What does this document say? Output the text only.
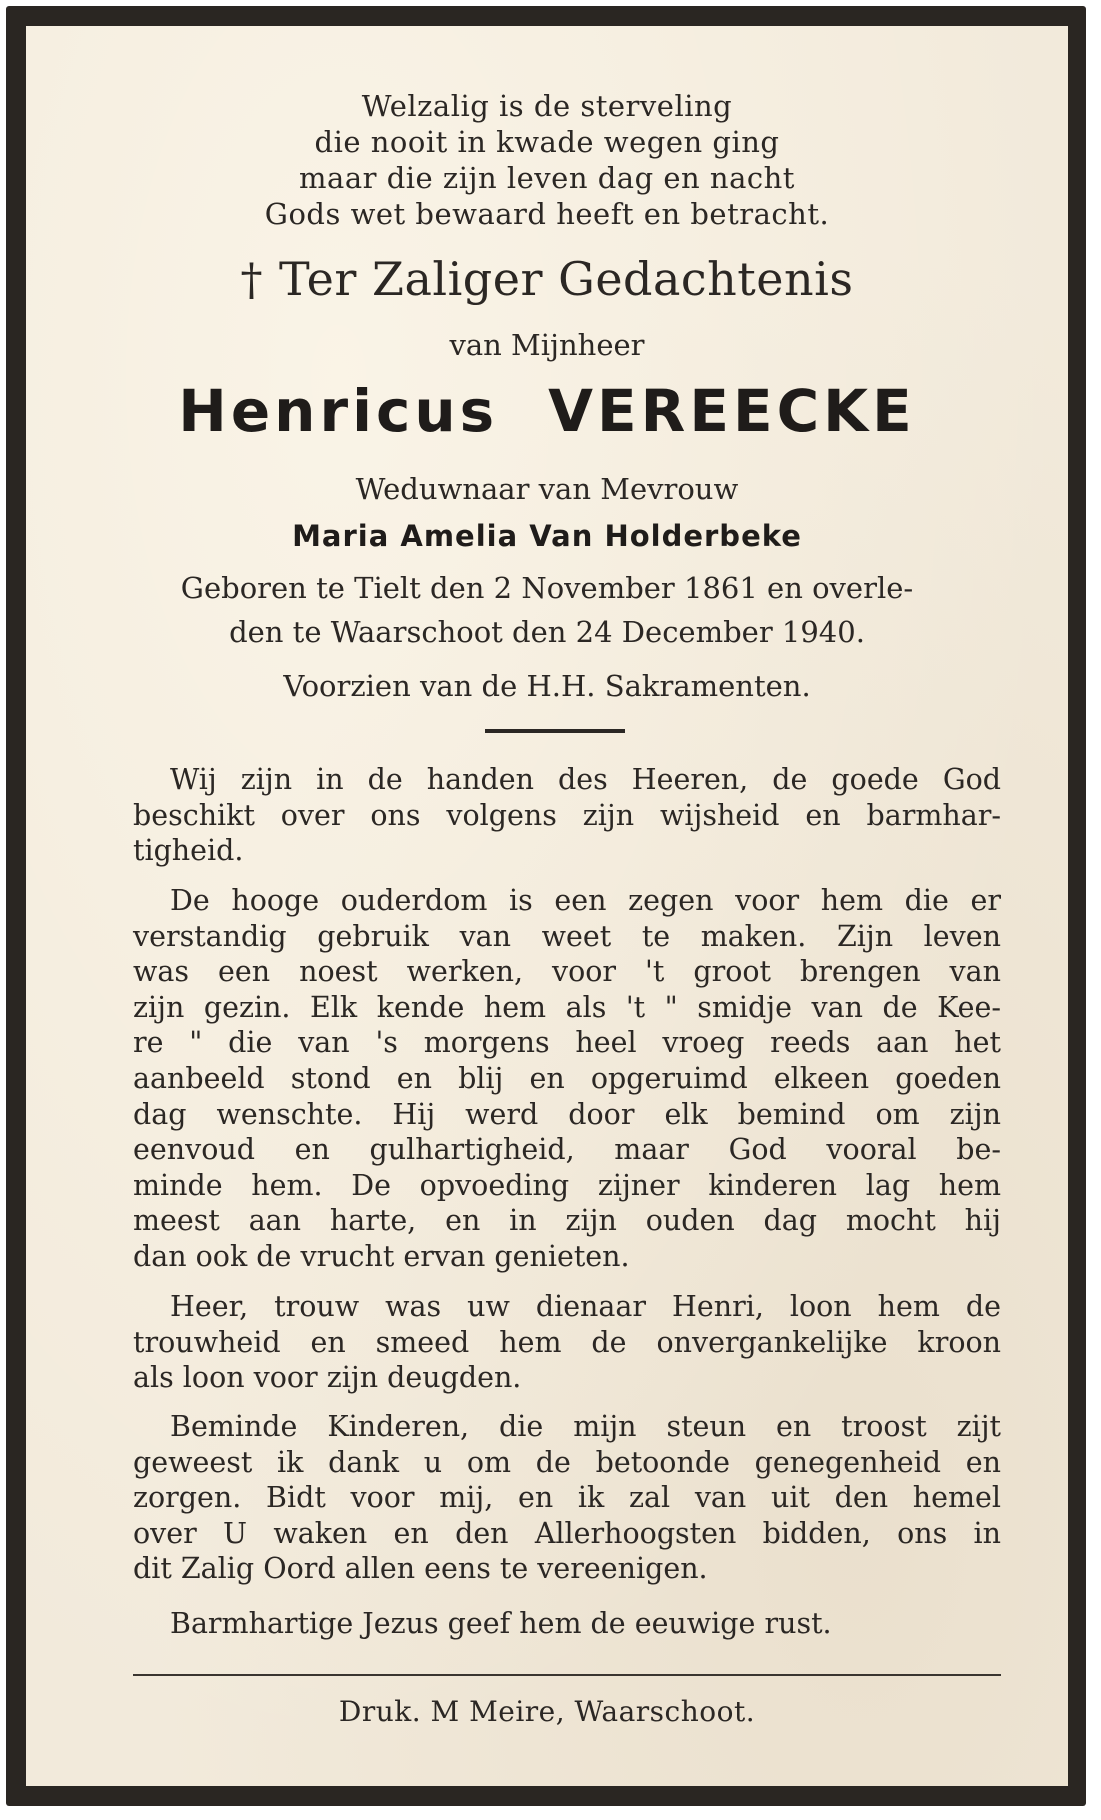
Welzalig is de sterveling
die nooit in kwade wegen ging
maar die zijn leven dag en nacht
Gods wet bewaard heeft en betracht.
† Ter Zaliger Gedachtenis
van Mijnheer
Henricus VEREECKE
Weduwnaar van Mevrouw
Maria Amelia Van Holderbeke
Geboren te Tielt den 2 November 1861 en overle-
den te Waarschoot den 24 December 1940.
Voorzien van de H.H. Sakramenten.
Wij zijn in de handen des Heeren, de goede God
beschikt over ons volgens zijn wijsheid en barmhar-
tigheid.
De hooge ouderdom is een zegen voor hem die er
verstandig gebruik van weet te maken. Zijn leven
was een noest werken, voor 't groot brengen van
zijn gezin. Elk kende hem als 't " smidje van de Kee-
re " die van 's morgens heel vroeg reeds aan het
aanbeeld stond en blij en opgeruimd elkeen goeden
dag wenschte. Hij werd door elk bemind om zijn
eenvoud en gulhartigheid, maar God vooral be-
minde hem. De opvoeding zijner kinderen lag hem
meest aan harte, en in zijn ouden dag mocht hij
dan ook de vrucht ervan genieten.
Heer, trouw was uw dienaar Henri, loon hem de
trouwheid en smeed hem de onvergankelijke kroon
als loon voor zijn deugden.
Beminde Kinderen, die mijn steun en troost zijt
geweest ik dank u om de betoonde genegenheid en
zorgen. Bidt voor mij, en ik zal van uit den hemel
over U waken en den Allerhoogsten bidden, ons in
dit Zalig Oord allen eens te vereenigen.
Barmhartige Jezus geef hem de eeuwige rust.
Druk. M Meire, Waarschoot.
